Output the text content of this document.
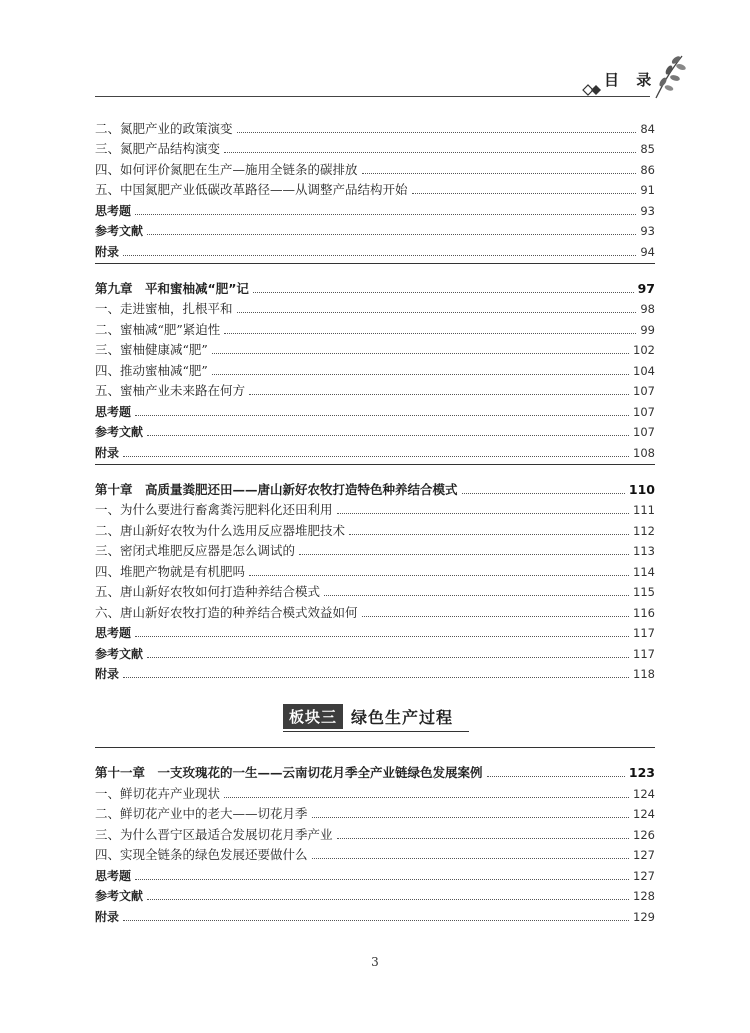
目 录
二、氮肥产业的政策演变	84
三、氮肥产品结构演变	85
四、如何评价氮肥在生产—施用全链条的碳排放	86
五、中国氮肥产业低碳改革路径——从调整产品结构开始	91
思考题	93
参考文献	93
附录	94
第九章　平和蜜柚减“肥”记	97
一、走进蜜柚，扎根平和	98
二、蜜柚减“肥”紧迫性	99
三、蜜柚健康减“肥”	102
四、推动蜜柚减“肥”	104
五、蜜柚产业未来路在何方	107
思考题	107
参考文献	107
附录	108
第十章　高质量粪肥还田——唐山新好农牧打造特色种养结合模式	110
一、为什么要进行畜禽粪污肥料化还田利用	111
二、唐山新好农牧为什么选用反应器堆肥技术	112
三、密闭式堆肥反应器是怎么调试的	113
四、堆肥产物就是有机肥吗	114
五、唐山新好农牧如何打造种养结合模式	115
六、唐山新好农牧打造的种养结合模式效益如何	116
思考题	117
参考文献	117
附录	118
板块三 绿色生产过程
第十一章　一支玫瑰花的一生——云南切花月季全产业链绿色发展案例	123
一、鲜切花卉产业现状	124
二、鲜切花产业中的老大——切花月季	124
三、为什么晋宁区最适合发展切花月季产业	126
四、实现全链条的绿色发展还要做什么	127
思考题	127
参考文献	128
附录	129
3
